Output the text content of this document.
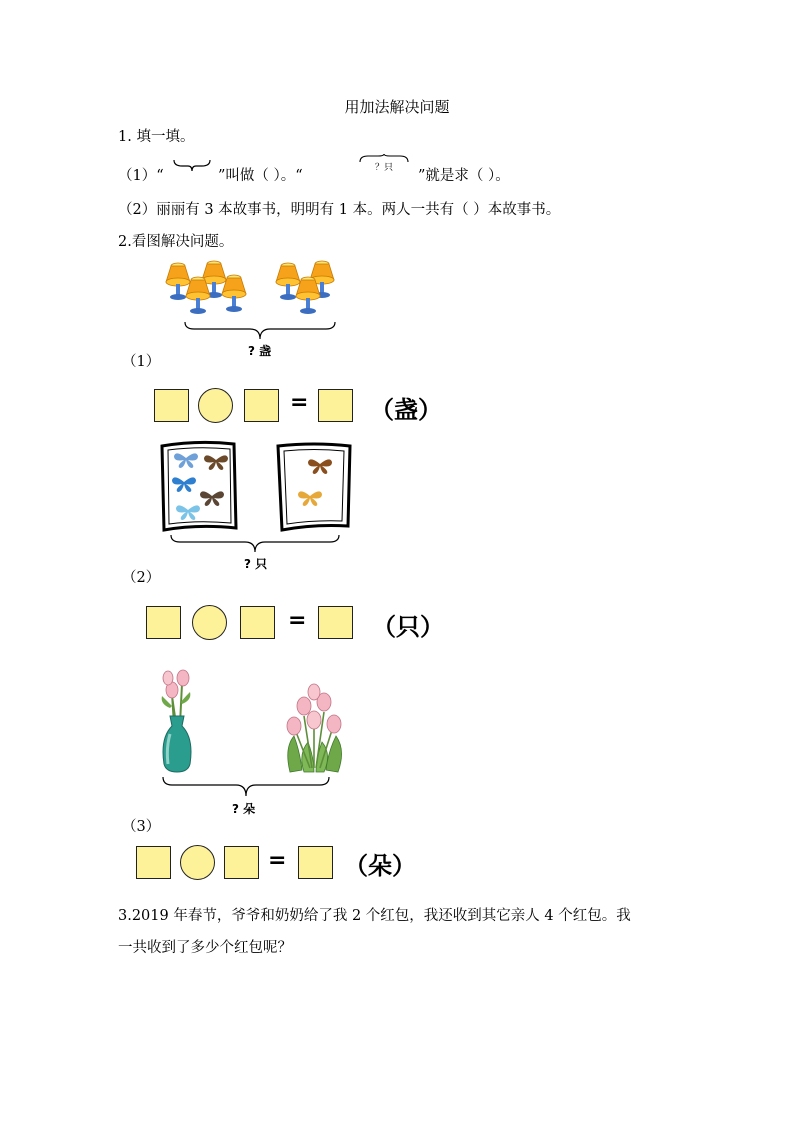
用加法解决问题
1. 填一填。
（1）“	”叫做（ ）。“	？只 ”就是求（ ）。
（2）丽丽有 3 本故事书，明明有 1 本。两人一共有（ ）本故事书。
2.看图解决问题。
? 盏
（1）
=	（盏）
? 只
（2）
=	（只）
? 朵
（3）
= （朵）
3.2019 年春节，爷爷和奶奶给了我 2 个红包，我还收到其它亲人 4 个红包。我
一共收到了多少个红包呢？
